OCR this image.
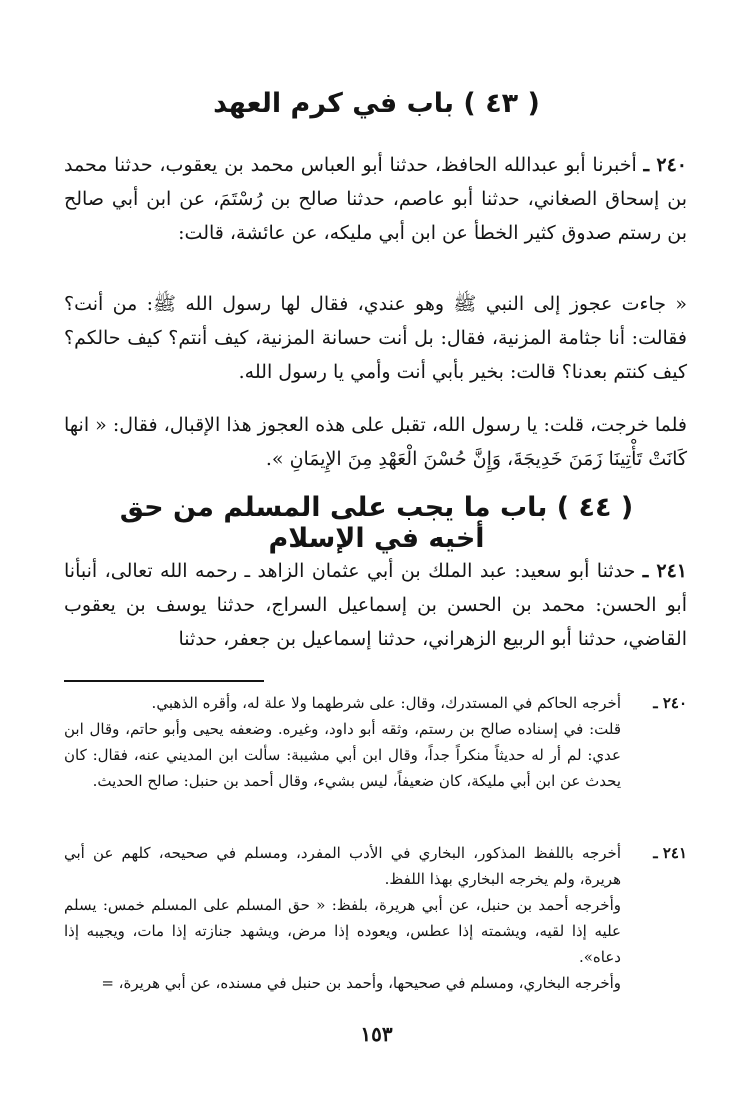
( ٤٣ ) باب في كرم العهد
٢٤٠ ـ أخبرنا أبو عبدالله الحافظ، حدثنا أبو العباس محمد بن يعقوب، حدثنا محمد بن إسحاق الصغاني، حدثنا أبو عاصم، حدثنا صالح بن رُسْتَمَ، عن ابن أبي صالح بن رستم صدوق كثير الخطأ عن ابن أبي مليكه، عن عائشة، قالت:
« جاءت عجوز إلى النبي ﷺ وهو عندي، فقال لها رسول الله ﷺ: من أنت؟ فقالت: أنا جثامة المزنية، فقال: بل أنت حسانة المزنية، كيف أنتم؟ كيف حالكم؟ كيف كنتم بعدنا؟ قالت: بخير بأبي أنت وأمي يا رسول الله.
فلما خرجت، قلت: يا رسول الله، تقبل على هذه العجوز هذا الإقبال، فقال: « انها كَانَتْ تَأْتِينَا زَمَنَ خَدِيجَةَ، وَإِنَّ حُسْنَ الْعَهْدِ مِنَ الإِيمَانِ ».
( ٤٤ ) باب ما يجب على المسلم من حق أخيه في الإسلام
٢٤١ ـ حدثنا أبو سعيد: عبد الملك بن أبي عثمان الزاهد ـ رحمه الله تعالى، أنبأنا أبو الحسن: محمد بن الحسن بن إسماعيل السراج، حدثنا يوسف بن يعقوب القاضي، حدثنا أبو الربيع الزهراني، حدثنا إسماعيل بن جعفر، حدثنا
٢٤٠ ـ
أخرجه الحاكم في المستدرك، وقال: على شرطهما ولا علة له، وأقره الذهبي.
قلت: في إسناده صالح بن رستم، وثقه أبو داود، وغيره. وضعفه يحيى وأبو حاتم، وقال ابن عدي: لم أر له حديثاً منكراً جداً، وقال ابن أبي مشيبة: سألت ابن المديني عنه، فقال: كان يحدث عن ابن أبي مليكة، كان ضعيفاً، ليس بشيء، وقال أحمد بن حنبل: صالح الحديث.
٢٤١ ـ
أخرجه باللفظ المذكور، البخاري في الأدب المفرد، ومسلم في صحيحه، كلهم عن أبي هريرة، ولم يخرجه البخاري بهذا اللفظ.
وأخرجه أحمد بن حنبل، عن أبي هريرة، بلفظ: « حق المسلم على المسلم خمس: يسلم عليه إذا لقيه، ويشمته إذا عطس، ويعوده إذا مرض، ويشهد جنازته إذا مات، ويجيبه إذا دعاه».
وأخرجه البخاري، ومسلم في صحيحها، وأحمد بن حنبل في مسنده، عن أبي هريرة، =
١٥٣
